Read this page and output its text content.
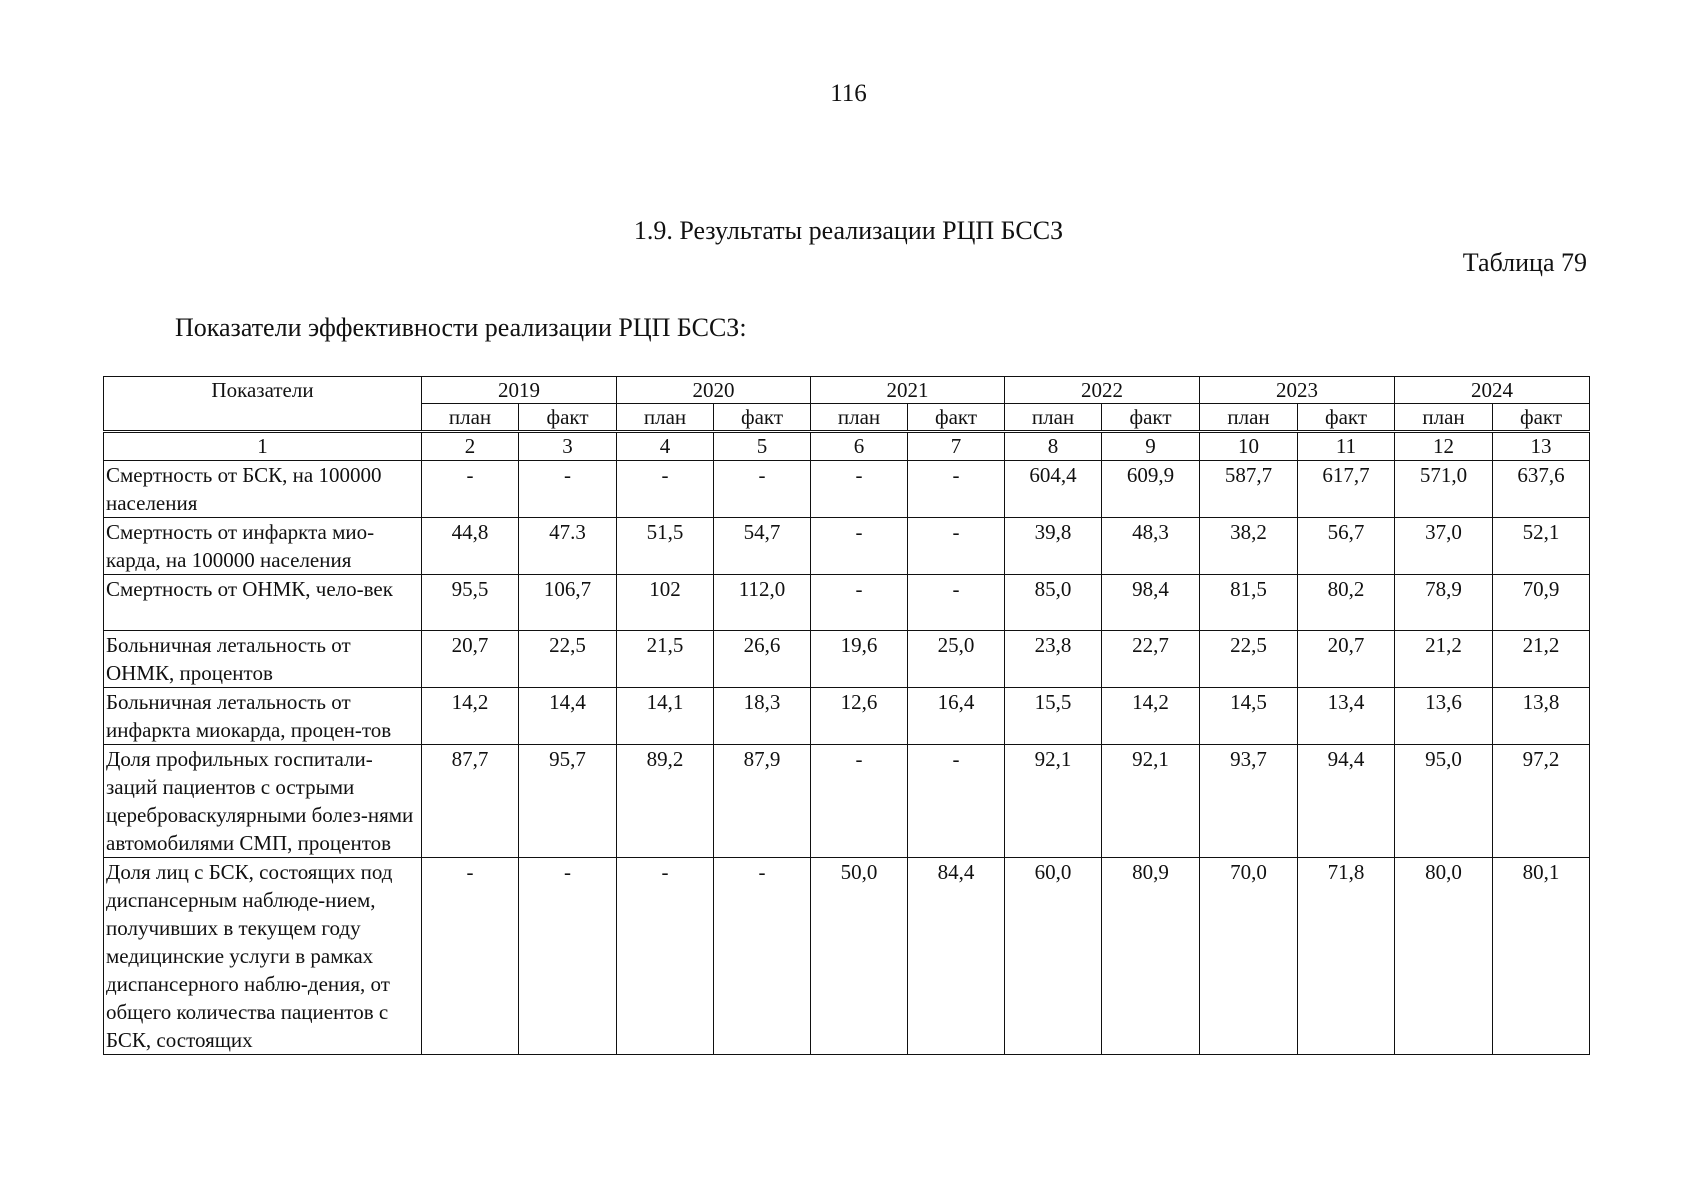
116
1.9. Результаты реализации РЦП БССЗ
Таблица 79
Показатели эффективности реализации РЦП БССЗ:
Показатели	2019		2020		2021		2022		2023		2024	
	план	факт	план	факт	план	факт	план	факт	план	факт	план	факт
1	2	3	4	5	6	7	8	9	10	11	12	13
Смертность от БСК, на 100000 населения	-	-	-	-	-	-	604,4	609,9	587,7	617,7	571,0	637,6
Смертность от инфаркта мио-карда, на 100000 населения	44,8	47.3	51,5	54,7	-	-	39,8	48,3	38,2	56,7	37,0	52,1
Смертность от ОНМК, чело-век	95,5	106,7	102	112,0	-	-	85,0	98,4	81,5	80,2	78,9	70,9
Больничная летальность от ОНМК, процентов	20,7	22,5	21,5	26,6	19,6	25,0	23,8	22,7	22,5	20,7	21,2	21,2
Больничная летальность от инфаркта миокарда, процен-тов	14,2	14,4	14,1	18,3	12,6	16,4	15,5	14,2	14,5	13,4	13,6	13,8
Доля профильных госпитали-заций пациентов с острыми цереброваскулярными болез-нями автомобилями СМП, процентов	87,7	95,7	89,2	87,9	-	-	92,1	92,1	93,7	94,4	95,0	97,2
Доля лиц с БСК, состоящих под диспансерным наблюде-нием, получивших в текущем году медицинские услуги в рамках диспансерного наблю-дения, от общего количества пациентов с БСК, состоящих	-	-	-	-	50,0	84,4	60,0	80,9	70,0	71,8	80,0	80,1
